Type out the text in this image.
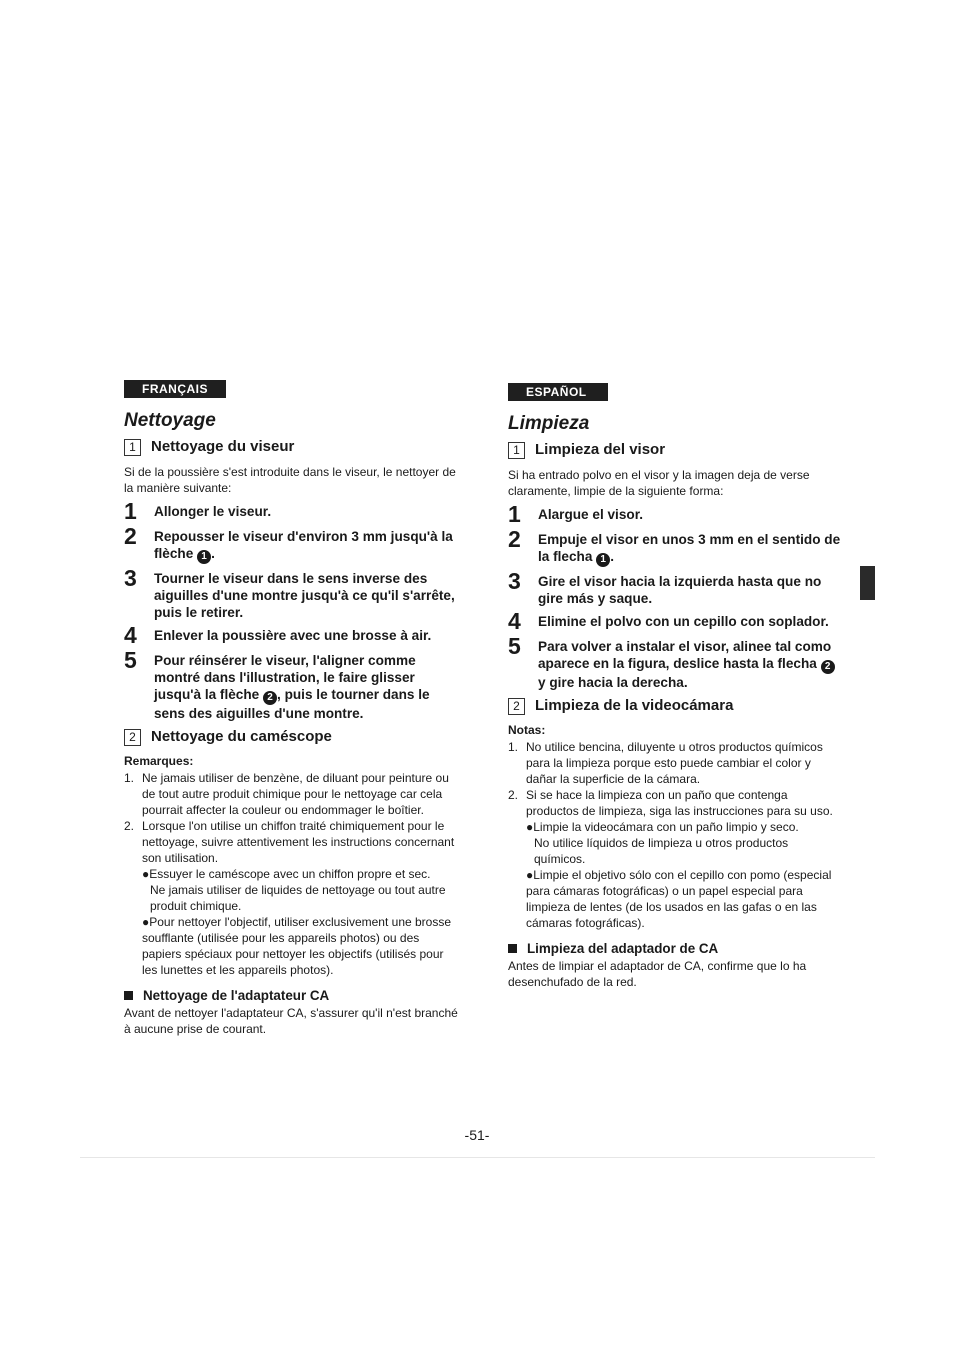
FRANÇAIS
Nettoyage
1	Nettoyage du viseur
Si de la poussière s'est introduite dans le viseur, le nettoyer de la manière suivante:
1	Allonger le viseur.
2	Repousser le viseur d'environ 3 mm jusqu'à la flèche 1 .
3	Tourner le viseur dans le sens inverse des aiguilles d'une montre jusqu'à ce qu'il s'arrête, puis le retirer.
4	Enlever la poussière avec une brosse à air.
5	Pour réinsérer le viseur, l'aligner comme montré dans l'illustration, le faire glisser jusqu'à la flèche 2 , puis le tourner dans le sens des aiguilles d'une montre.
2	Nettoyage du caméscope
Remarques:
1. Ne jamais utiliser de benzène, de diluant pour peinture ou de tout autre produit chimique pour le nettoyage car cela pourrait affecter la couleur ou endommager le boîtier.
2. Lorsque l'on utilise un chiffon traité chimiquement pour le nettoyage, suivre attentivement les instructions concernant son utilisation.
●Essuyer le caméscope avec un chiffon propre et sec.
Ne jamais utiliser de liquides de nettoyage ou tout autre produit chimique.
●Pour nettoyer l'objectif, utiliser exclusivement une brosse soufflante (utilisée pour les appareils photos) ou des papiers spéciaux pour nettoyer les objectifs (utilisés pour les lunettes et les appareils photos).
Nettoyage de l'adaptateur CA
Avant de nettoyer l'adaptateur CA, s'assurer qu'il n'est branché à aucune prise de courant.
ESPAÑOL
Limpieza
1	Limpieza del visor
Si ha entrado polvo en el visor y la imagen deja de verse claramente, limpie de la siguiente forma:
1	Alargue el visor.
2	Empuje el visor en unos 3 mm en el sentido de la flecha 1 .
3	Gire el visor hacia la izquierda hasta que no gire más y saque.
4	Elimine el polvo con un cepillo con soplador.
5	Para volver a instalar el visor, alinee tal como aparece en la figura, deslice hasta la flecha 2 y gire hacia la derecha.
2	Limpieza de la videocámara
Notas:
1. No utilice bencina, diluyente u otros productos químicos para la limpieza porque esto puede cambiar el color y dañar la superficie de la cámara.
2. Si se hace la limpieza con un paño que contenga productos de limpieza, siga las instrucciones para su uso.
●Limpie la videocámara con un paño limpio y seco.
No utilice líquidos de limpieza u otros productos químicos.
●Limpie el objetivo sólo con el cepillo con pomo (especial para cámaras fotográficas) o un papel especial para limpieza de lentes (de los usados en las gafas o en las cámaras fotográficas).
Limpieza del adaptador de CA
Antes de limpiar el adaptador de CA, confirme que lo ha desenchufado de la red.
-51-
